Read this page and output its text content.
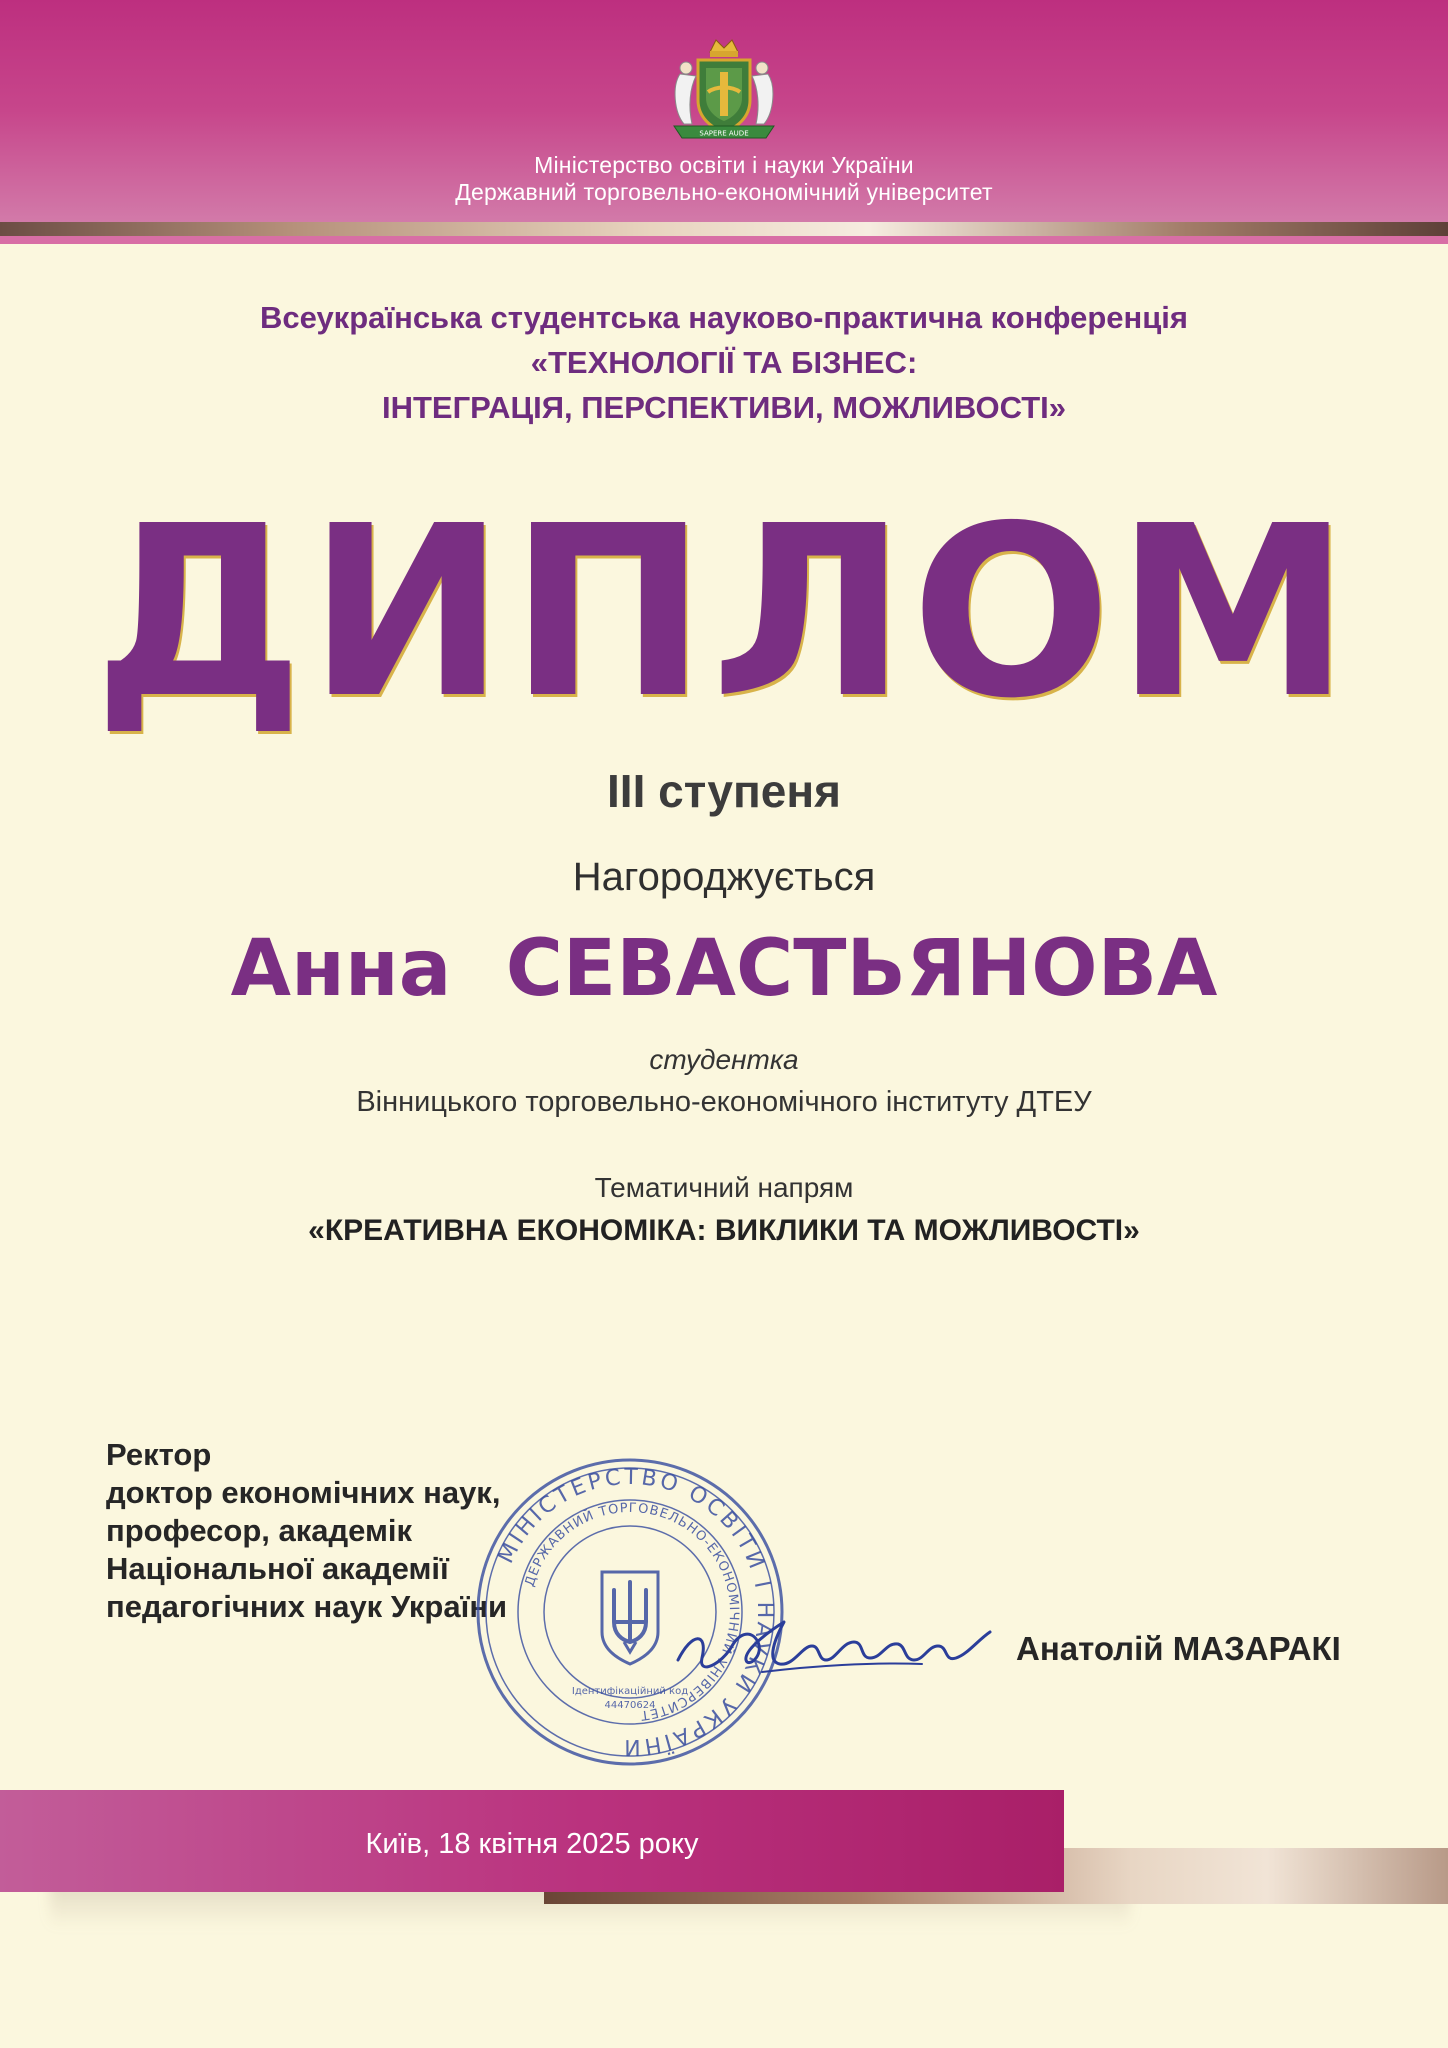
SAPERE AUDE
Міністерство освіти і науки України
Державний торговельно-економічний університет
Всеукраїнська студентська науково-практична конференція
«ТЕХНОЛОГІЇ ТА БІЗНЕС:
ІНТЕГРАЦІЯ, ПЕРСПЕКТИВИ, МОЖЛИВОСТІ»
ДИПЛОМ
ІІІ ступеня
Нагороджується
Анна  СЕВАСТЬЯНОВА
студентка
Вінницького торговельно-економічного інституту ДТЕУ
Тематичний напрям
«КРЕАТИВНА ЕКОНОМІКА: ВИКЛИКИ ТА МОЖЛИВОСТІ»
Ректор
доктор економічних наук,
професор, академік
Національної академії
педагогічних наук України
МІНІСТЕРСТВО ОСВІТИ І НАУКИ УКРАЇНИ
ДЕРЖАВНИЙ ТОРГОВЕЛЬНО-ЕКОНОМІЧНИЙ УНІВЕРСИТЕТ
Ідентифікаційний код
44470624
Анатолій МАЗАРАКІ
Київ, 18 квітня 2025 року
